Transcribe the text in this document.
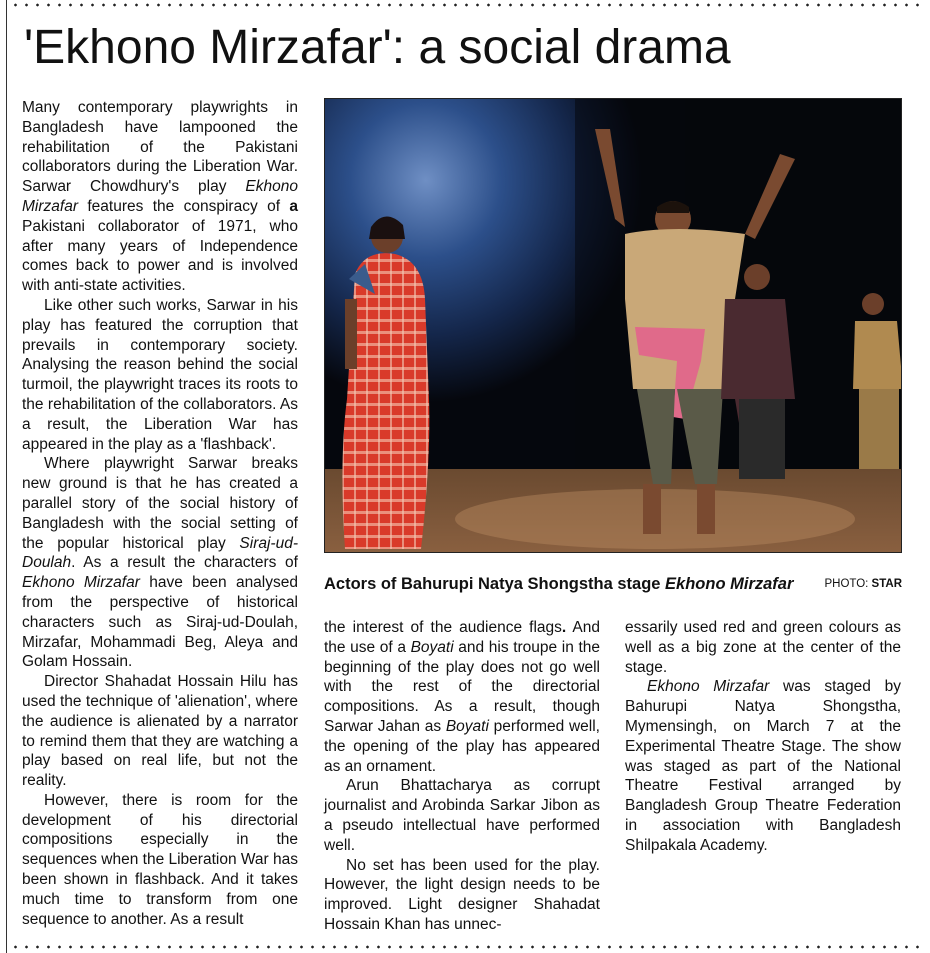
'Ekhono Mirzafar': a social drama

Many contemporary playwrights in Bangladesh have lampooned the rehabilitation of the Pakistani collaborators during the Liberation War. Sarwar Chowdhury's play Ekhono Mirzafar features the conspiracy of a Pakistani collaborator of 1971, who after many years of Independence comes back to power and is involved with anti-state activities.

Like other such works, Sarwar in his play has featured the corruption that prevails in contemporary society. Analysing the reason behind the social turmoil, the playwright traces its roots to the rehabilitation of the collaborators. As a result, the Liberation War has appeared in the play as a 'flashback'.

Where playwright Sarwar breaks new ground is that he has created a parallel story of the social history of Bangladesh with the social setting of the popular historical play Siraj-ud-Doulah. As a result the characters of Ekhono Mirzafar have been analysed from the perspective of historical characters such as Siraj-ud-Doulah, Mirzafar, Mohammadi Beg, Aleya and Golam Hossain.

Director Shahadat Hossain Hilu has used the technique of 'alienation', where the audience is alienated by a narrator to remind them that they are watching a play based on real life, but not the reality.

However, there is room for the development of his directorial compositions especially in the sequences when the Liberation War has been shown in flashback. And it takes much time to transform from one sequence to another. As a result

Actors of Bahurupi Natya Shongstha stage Ekhono Mirzafar	PHOTO: STAR

the interest of the audience flags. And the use of a Boyati and his troupe in the beginning of the play does not go well with the rest of the directorial compositions. As a result, though Sarwar Jahan as Boyati performed well, the opening of the play has appeared as an ornament.

Arun Bhattacharya as corrupt journalist and Arobinda Sarkar Jibon as a pseudo intellectual have performed well.

No set has been used for the play. However, the light design needs to be improved. Light designer Shahadat Hossain Khan has unnec-

essarily used red and green colours as well as a big zone at the center of the stage.

Ekhono Mirzafar was staged by Bahurupi Natya Shongstha, Mymensingh, on March 7 at the Experimental Theatre Stage. The show was staged as part of the National Theatre Festival arranged by Bangladesh Group Theatre Federation in association with Bangladesh Shilpakala Academy.
